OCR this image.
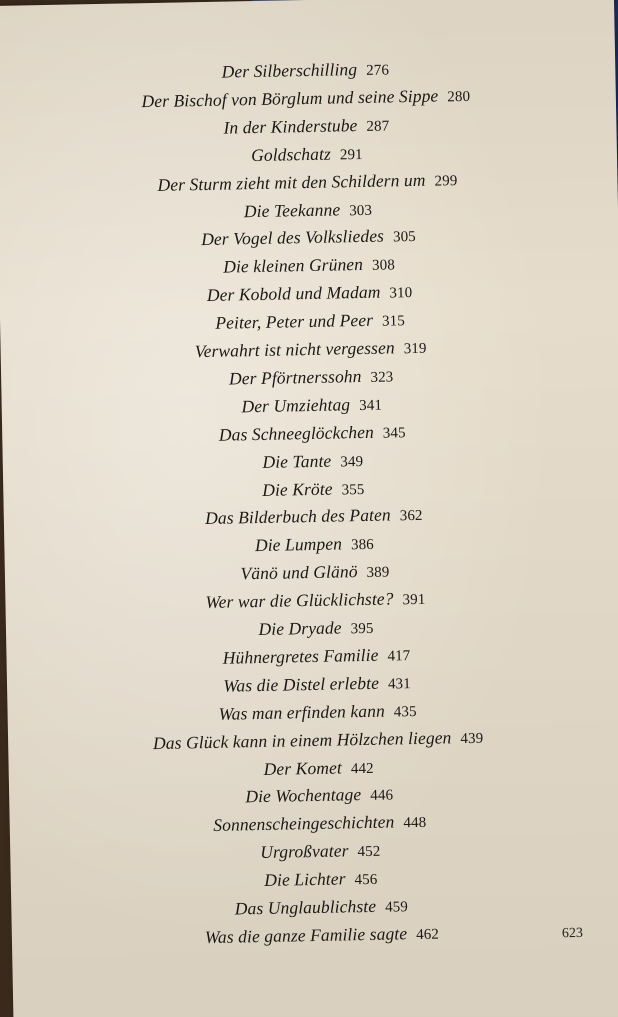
Der Silberschilling 276
Der Bischof von Börglum und seine Sippe 280
In der Kinderstube 287
Goldschatz 291
Der Sturm zieht mit den Schildern um 299
Die Teekanne 303
Der Vogel des Volksliedes 305
Die kleinen Grünen 308
Der Kobold und Madam 310
Peiter, Peter und Peer 315
Verwahrt ist nicht vergessen 319
Der Pförtnerssohn 323
Der Umziehtag 341
Das Schneeglöckchen 345
Die Tante 349
Die Kröte 355
Das Bilderbuch des Paten 362
Die Lumpen 386
Vänö und Glänö 389
Wer war die Glücklichste? 391
Die Dryade 395
Hühnergretes Familie 417
Was die Distel erlebte 431
Was man erfinden kann 435
Das Glück kann in einem Hölzchen liegen 439
Der Komet 442
Die Wochentage 446
Sonnenscheingeschichten 448
Urgroßvater 452
Die Lichter 456
Das Unglaublichste 459
Was die ganze Familie sagte 462	623
